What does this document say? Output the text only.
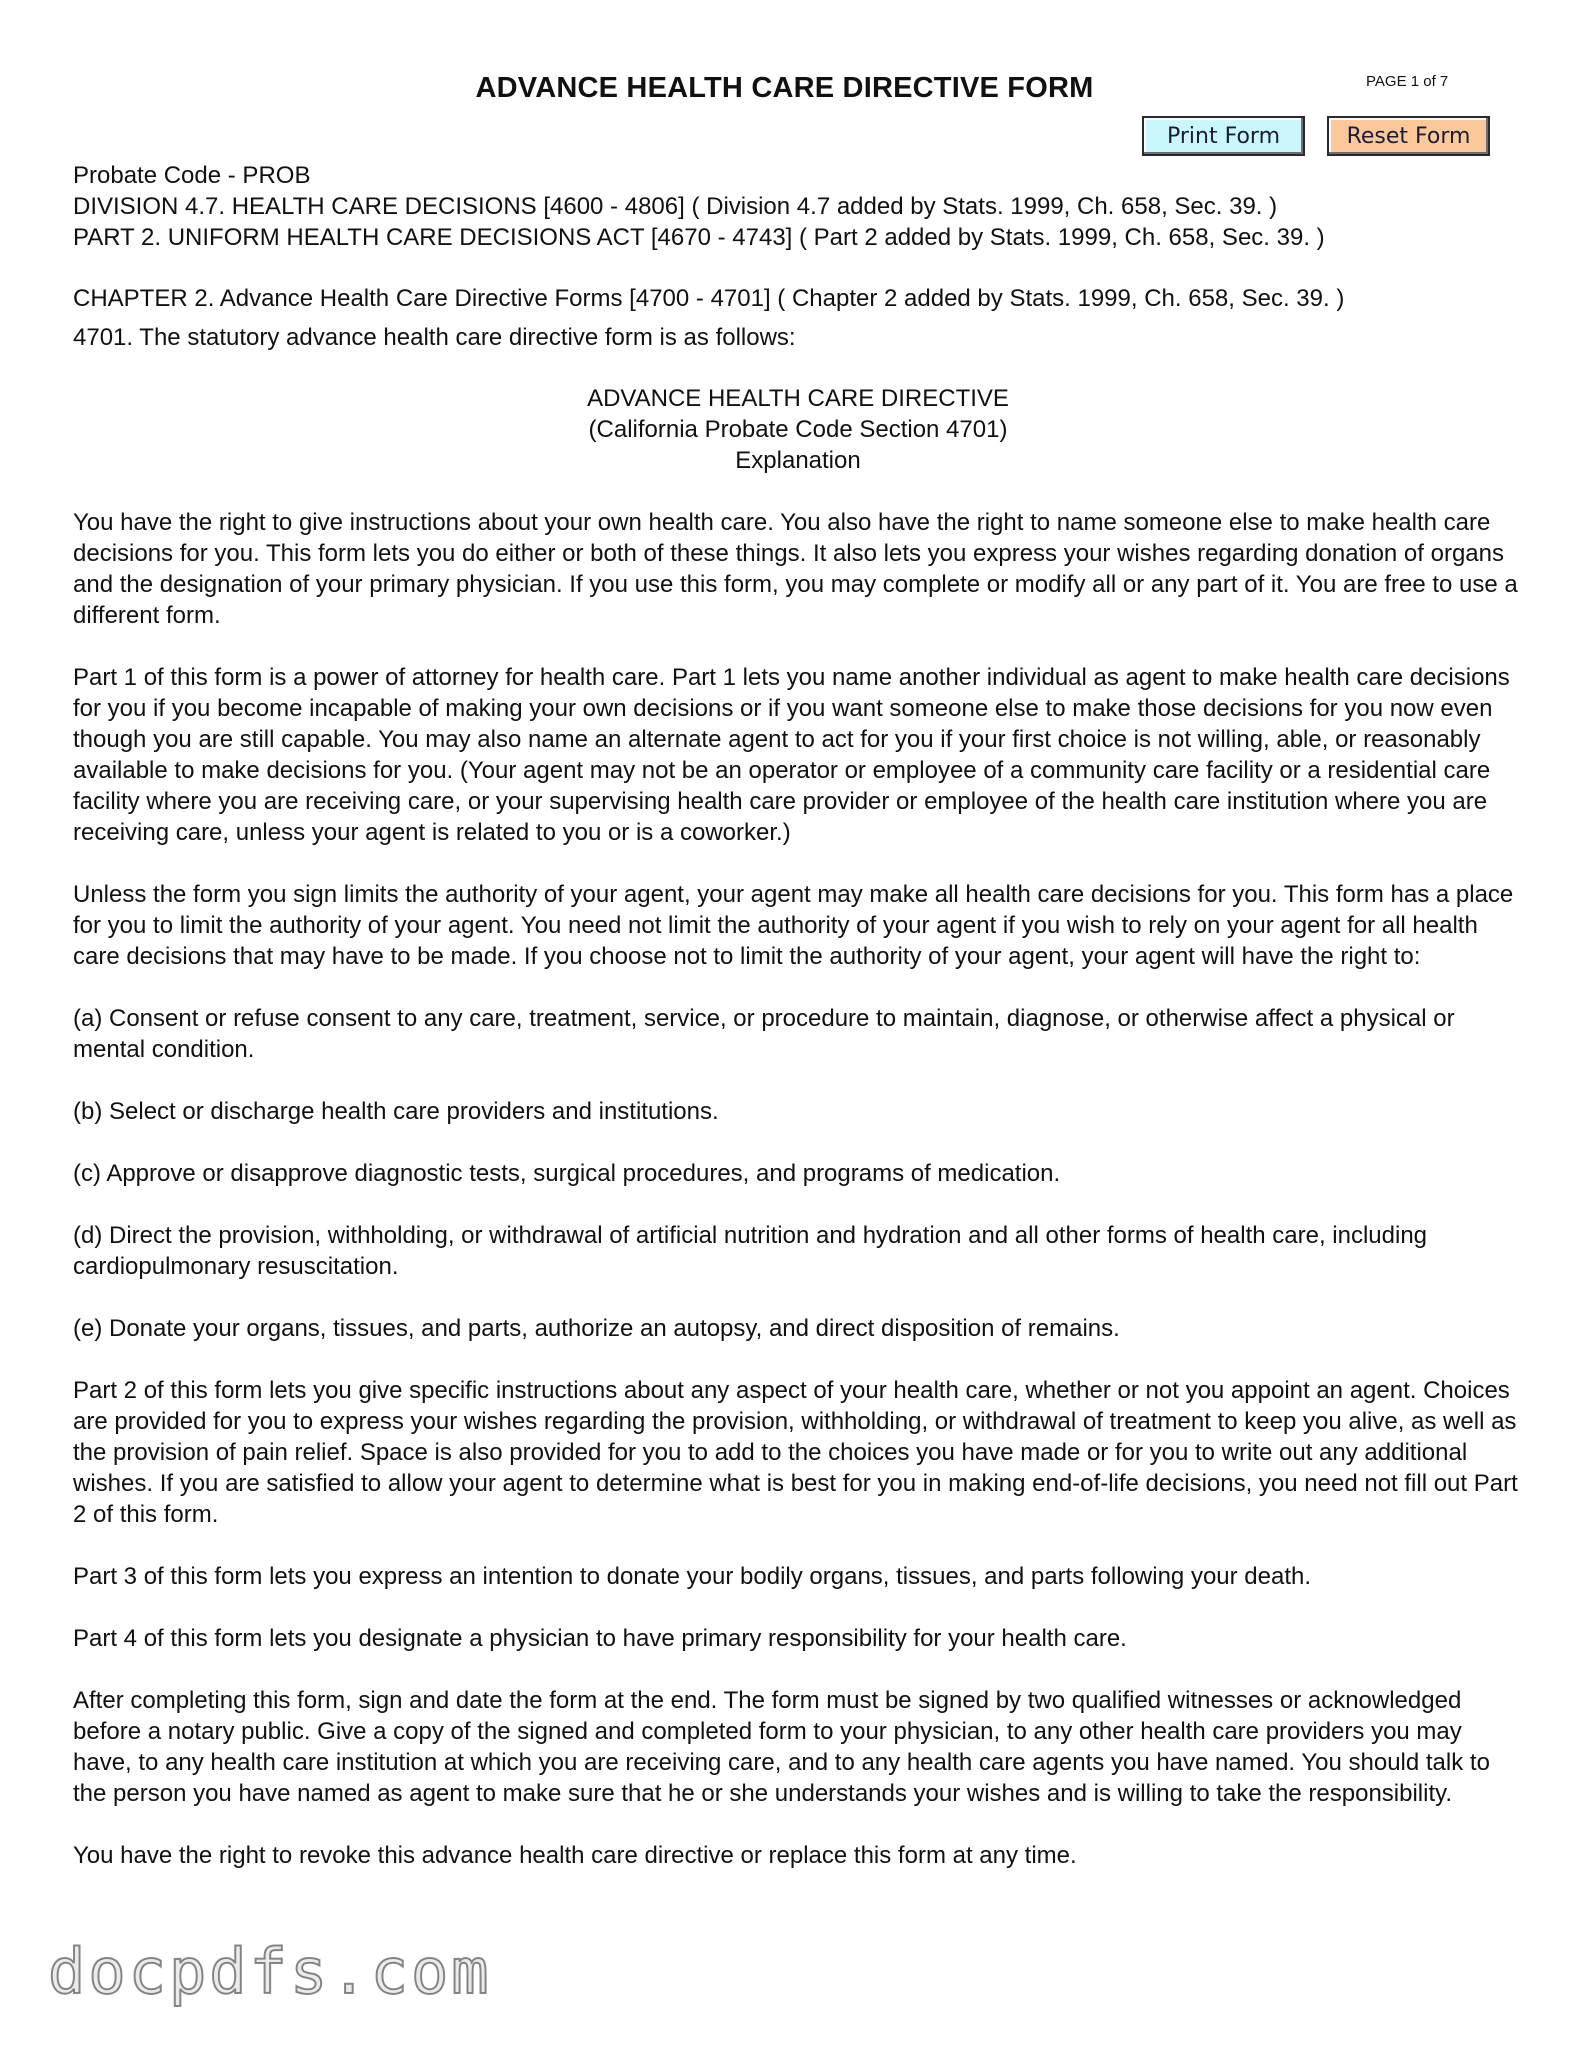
ADVANCE HEALTH CARE DIRECTIVE FORM	PAGE 1 of 7
Print Form	Reset Form

Probate Code - PROB

DIVISION 4.7. HEALTH CARE DECISIONS [4600 - 4806] ( Division 4.7 added by Stats. 1999, Ch. 658, Sec. 39. )

PART 2. UNIFORM HEALTH CARE DECISIONS ACT [4670 - 4743] ( Part 2 added by Stats. 1999, Ch. 658, Sec. 39. )

CHAPTER 2. Advance Health Care Directive Forms [4700 - 4701] ( Chapter 2 added by Stats. 1999, Ch. 658, Sec. 39. )

4701. The statutory advance health care directive form is as follows:

ADVANCE HEALTH CARE DIRECTIVE

(California Probate Code Section 4701)

Explanation

You have the right to give instructions about your own health care. You also have the right to name someone else to make health care decisions for you. This form lets you do either or both of these things. It also lets you express your wishes regarding donation of organs and the designation of your primary physician. If you use this form, you may complete or modify all or any part of it. You are free to use a different form.

Part 1 of this form is a power of attorney for health care. Part 1 lets you name another individual as agent to make health care decisions for you if you become incapable of making your own decisions or if you want someone else to make those decisions for you now even though you are still capable. You may also name an alternate agent to act for you if your first choice is not willing, able, or reasonably available to make decisions for you. (Your agent may not be an operator or employee of a community care facility or a residential care facility where you are receiving care, or your supervising health care provider or employee of the health care institution where you are receiving care, unless your agent is related to you or is a coworker.)

Unless the form you sign limits the authority of your agent, your agent may make all health care decisions for you. This form has a place for you to limit the authority of your agent. You need not limit the authority of your agent if you wish to rely on your agent for all health care decisions that may have to be made. If you choose not to limit the authority of your agent, your agent will have the right to:

(a) Consent or refuse consent to any care, treatment, service, or procedure to maintain, diagnose, or otherwise affect a physical or mental condition.

(b) Select or discharge health care providers and institutions.

(c) Approve or disapprove diagnostic tests, surgical procedures, and programs of medication.

(d) Direct the provision, withholding, or withdrawal of artificial nutrition and hydration and all other forms of health care, including cardiopulmonary resuscitation.

(e) Donate your organs, tissues, and parts, authorize an autopsy, and direct disposition of remains.

Part 2 of this form lets you give specific instructions about any aspect of your health care, whether or not you appoint an agent. Choices are provided for you to express your wishes regarding the provision, withholding, or withdrawal of treatment to keep you alive, as well as the provision of pain relief. Space is also provided for you to add to the choices you have made or for you to write out any additional wishes. If you are satisfied to allow your agent to determine what is best for you in making end-of-life decisions, you need not fill out Part 2 of this form.

Part 3 of this form lets you express an intention to donate your bodily organs, tissues, and parts following your death.

Part 4 of this form lets you designate a physician to have primary responsibility for your health care.

After completing this form, sign and date the form at the end. The form must be signed by two qualified witnesses or acknowledged before a notary public. Give a copy of the signed and completed form to your physician, to any other health care providers you may have, to any health care institution at which you are receiving care, and to any health care agents you have named. You should talk to the person you have named as agent to make sure that he or she understands your wishes and is willing to take the responsibility.

You have the right to revoke this advance health care directive or replace this form at any time.

docpdfs.com
